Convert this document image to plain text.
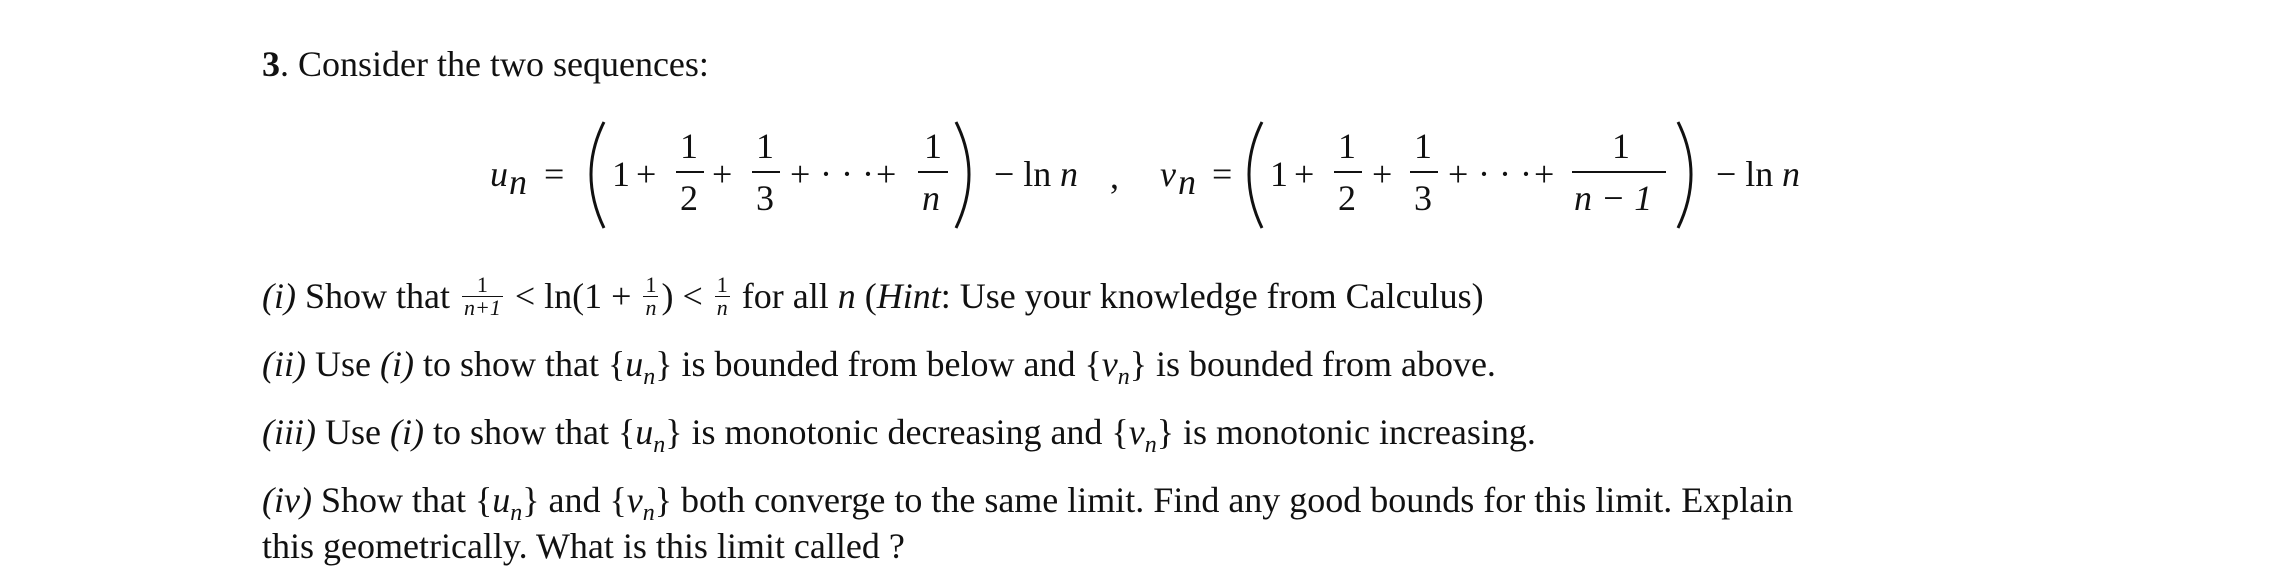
3. Consider the two sequences:
u n = 1 +
1
2
+
1
3
+ · · · +
1
n
− ln n , v n = 1 +
1
2
+
1
3
+ · · · +
1
n − 1
− ln n
(i) Show that $\frac{1}{n+1} < \ln(1 + \frac{1}{n}$ ) < $\frac{1}{n}$ for all n (Hint: Use your knowledge from Calculus)
(ii) Use (i) to show that $\{u_n\}$ is bounded from below and $\{v_n\}$ is bounded from above.
(iii) Use (i) to show that $\{u_n\}$ is monotonic decreasing and $\{v_n\}$ is monotonic increasing.
(iv) Show that $\{u_n\}$ and $\{v_n\}$ both converge to the same limit. Find any good bounds for this limit. Explain
this geometrically. What is this limit called ?
